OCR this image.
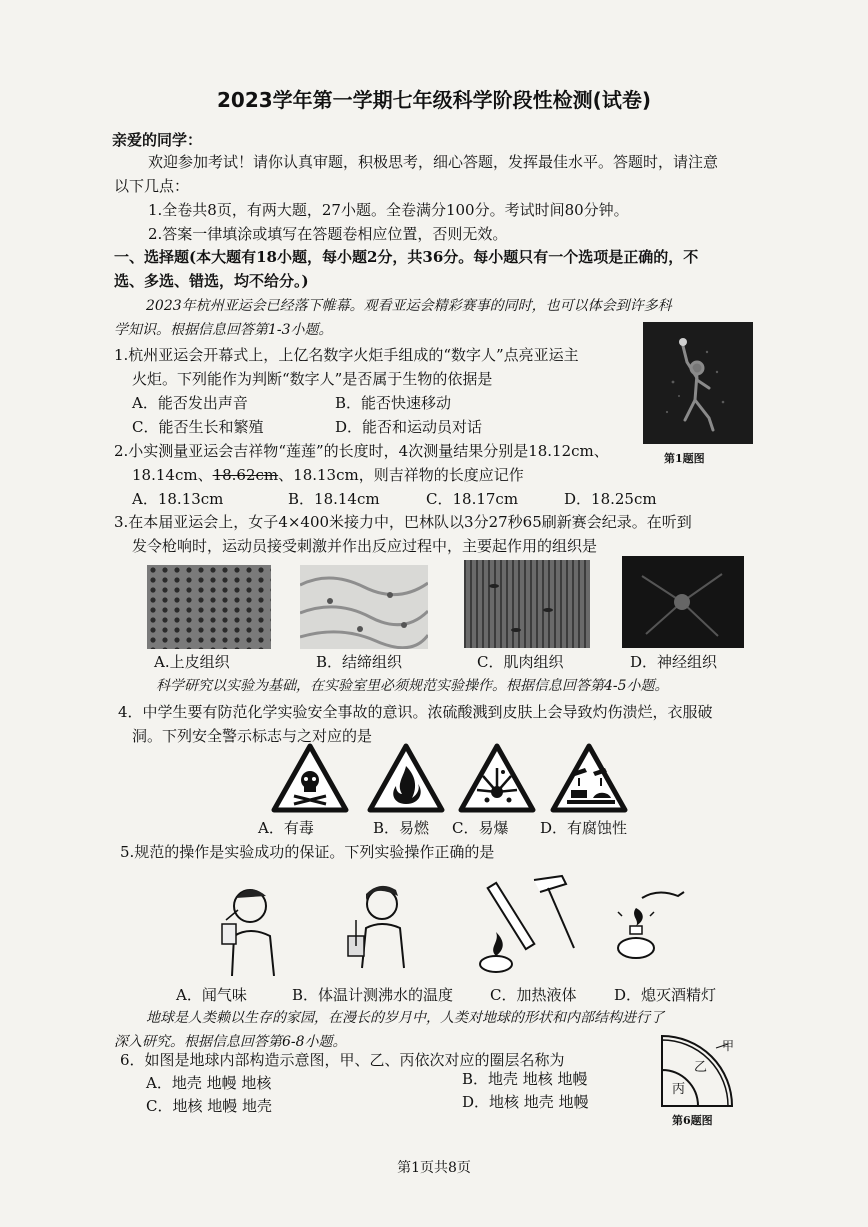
2023学年第一学期七年级科学阶段性检测(试卷)
亲爱的同学：
欢迎参加考试！请你认真审题，积极思考，细心答题，发挥最佳水平。答题时，请注意
以下几点：
1.全卷共8页，有两大题，27小题。全卷满分100分。考试时间80分钟。
2.答案一律填涂或填写在答题卷相应位置，否则无效。
一、选择题(本大题有18小题，每小题2分，共36分。每小题只有一个选项是正确的，不
选、多选、错选，均不给分。)
2023年杭州亚运会已经落下帷幕。观看亚运会精彩赛事的同时，也可以体会到许多科
学知识。根据信息回答第1-3小题。
1.杭州亚运会开幕式上，上亿名数字火炬手组成的“数字人”点亮亚运主
火炬。下列能作为判断“数字人”是否属于生物的依据是
A．能否发出声音	B．能否快速移动
C．能否生长和繁殖	D．能否和运动员对话
第1题图
2.小实测量亚运会吉祥物“莲莲”的长度时，4次测量结果分别是18.12cm、
18.14cm、18.62cm、18.13cm，则吉祥物的长度应记作
A．18.13cm	B．18.14cm	C．18.17cm	D．18.25cm
3.在本届亚运会上，女子4×400米接力中，巴林队以3分27秒65刷新赛会纪录。在听到
发令枪响时，运动员接受刺激并作出反应过程中，主要起作用的组织是
A.上皮组织	B．结缔组织	C．肌肉组织	D．神经组织
科学研究以实验为基础，在实验室里必须规范实验操作。根据信息回答第4-5小题。
4．中学生要有防范化学实验安全事故的意识。浓硫酸溅到皮肤上会导致灼伤溃烂，衣服破
洞。下列安全警示标志与之对应的是
A．有毒	B．易燃 C．易爆 D．有腐蚀性
5.规范的操作是实验成功的保证。下列实验操作正确的是
A．闻气味	B．体温计测沸水的温度 C．加热液体	D．熄灭酒精灯
地球是人类赖以生存的家园，在漫长的岁月中，人类对地球的形状和内部结构进行了
深入研究。根据信息回答第6-8小题。
6．如图是地球内部构造示意图，甲、乙、丙依次对应的圈层名称为
A．地壳 地幔 地核	B．地壳 地核 地幔
C．地核 地幔 地壳	D．地核 地壳 地幔
甲
乙
丙
第6题图
第1页共8页
